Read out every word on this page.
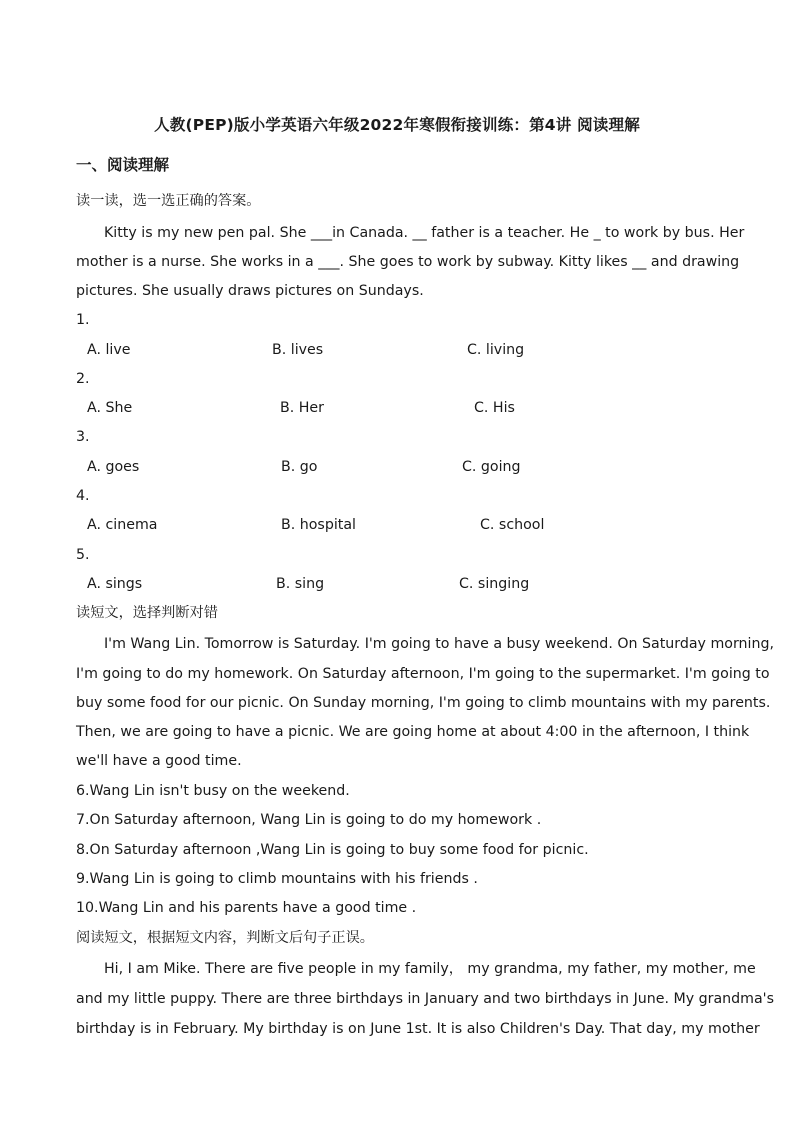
人教(PEP)版小学英语六年级2022年寒假衔接训练：第4讲 阅读理解
一、阅读理解
读一读，选一选正确的答案。
Kitty is my new pen pal. She ___in Canada. __ father is a teacher. He _ to work by bus. Her
mother is a nurse. She works in a ___. She goes to work by subway. Kitty likes __ and drawing
pictures. She usually draws pictures on Sundays.
1.
A. live	B. lives	C. living
2.
A. She	B. Her	C. His
3.
A. goes	B. go	C. going
4.
A. cinema	B. hospital	C. school
5.
A. sings	B. sing	C. singing
读短文，选择判断对错
I'm Wang Lin. Tomorrow is Saturday. I'm going to have a busy weekend. On Saturday morning,
I'm going to do my homework. On Saturday afternoon, I'm going to the supermarket. I'm going to
buy some food for our picnic. On Sunday morning, I'm going to climb mountains with my parents.
Then, we are going to have a picnic. We are going home at about 4:00 in the afternoon, I think
we'll have a good time.
6.Wang Lin isn't busy on the weekend.
7.On Saturday afternoon, Wang Lin is going to do my homework .
8.On Saturday afternoon ,Wang Lin is going to buy some food for picnic.
9.Wang Lin is going to climb mountains with his friends .
10.Wang Lin and his parents have a good time .
阅读短文，根据短文内容，判断文后句子正误。
Hi, I am Mike. There are five people in my family， my grandma, my father, my mother, me
and my little puppy. There are three birthdays in January and two birthdays in June. My grandma's
birthday is in February. My birthday is on June 1st. It is also Children's Day. That day, my mother
